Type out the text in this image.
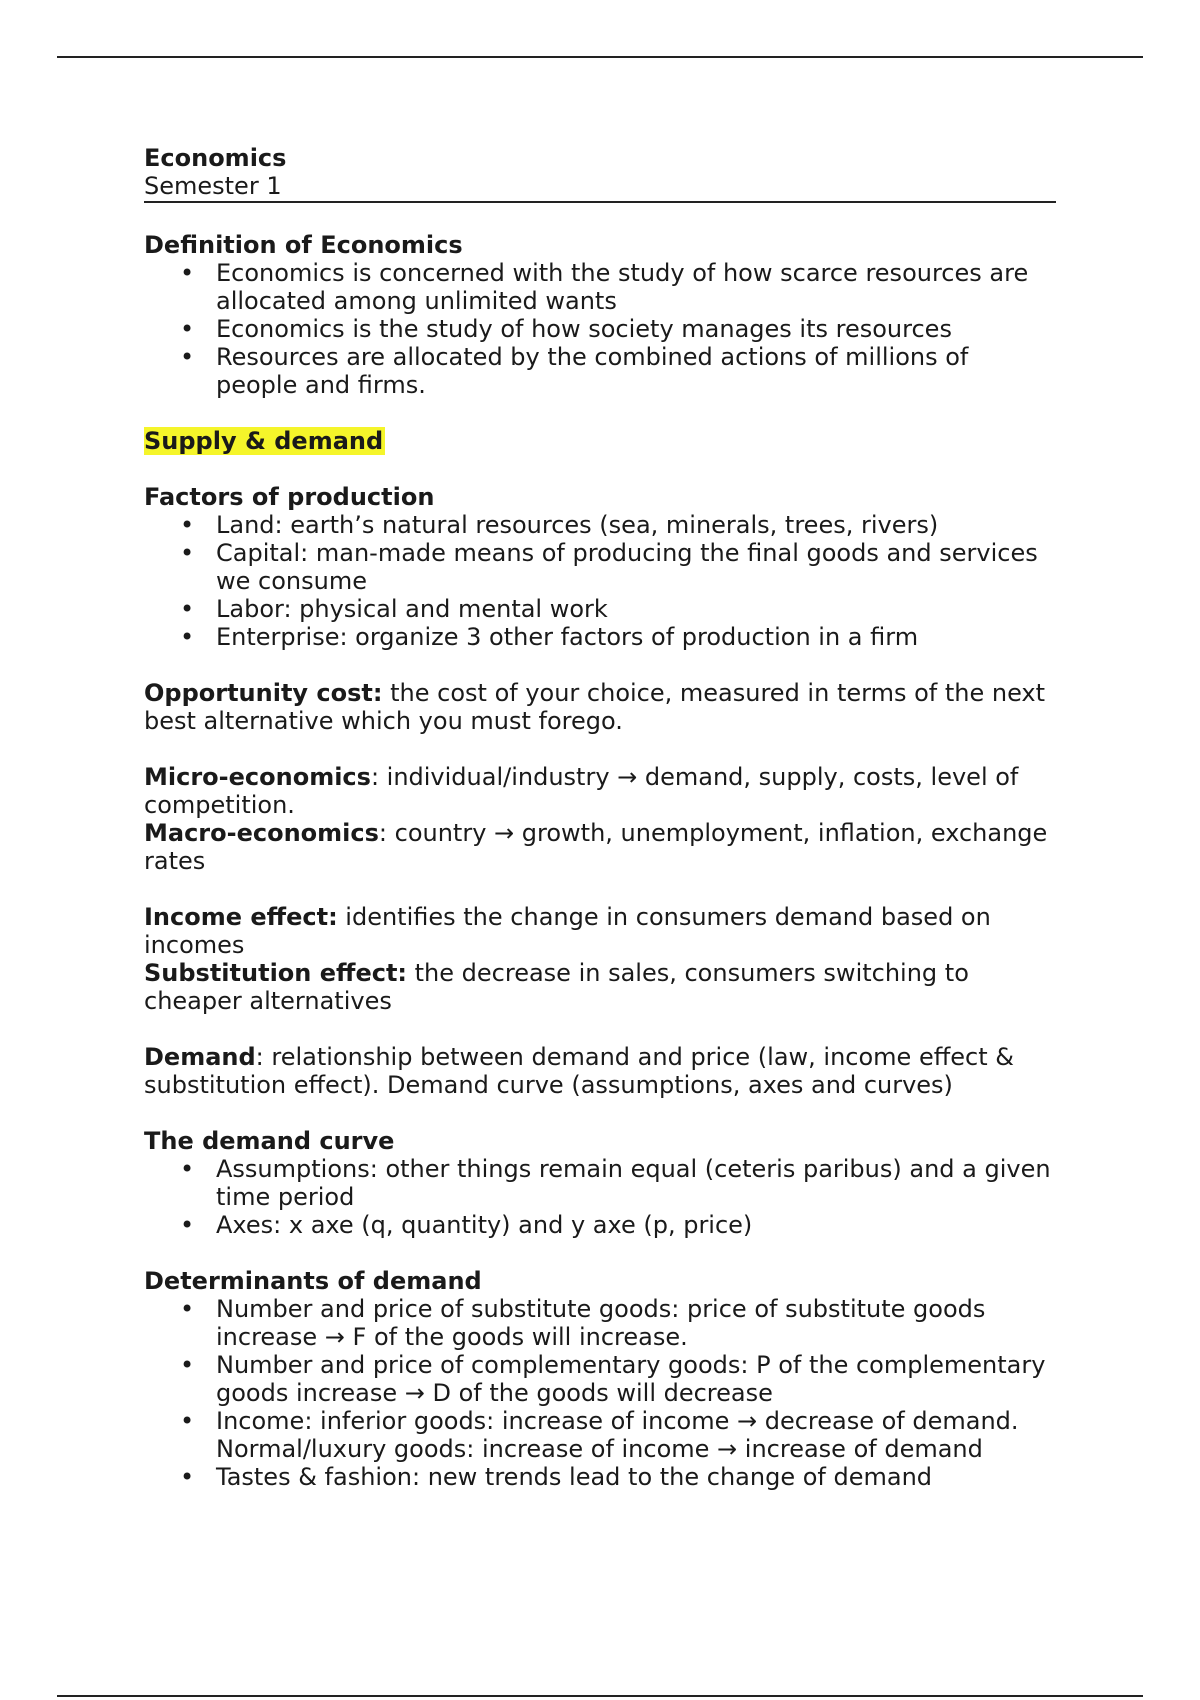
Economics
Semester 1
Definition of Economics
• Economics is concerned with the study of how scarce resources are allocated among unlimited wants
• Economics is the study of how society manages its resources
• Resources are allocated by the combined actions of millions of people and firms.
Supply & demand
Factors of production
• Land: earth’s natural resources (sea, minerals, trees, rivers)
• Capital: man-made means of producing the final goods and services we consume
• Labor: physical and mental work
• Enterprise: organize 3 other factors of production in a firm

Opportunity cost: the cost of your choice, measured in terms of the next best alternative which you must forego.

Micro-economics: individual/industry → demand, supply, costs, level of competition.

Macro-economics: country → growth, unemployment, inflation, exchange rates

Income effect: identifies the change in consumers demand based on incomes

Substitution effect: the decrease in sales, consumers switching to cheaper alternatives

Demand: relationship between demand and price (law, income effect & substitution effect). Demand curve (assumptions, axes and curves)

The demand curve
• Assumptions: other things remain equal (ceteris paribus) and a given time period
• Axes: x axe (q, quantity) and y axe (p, price)
Determinants of demand
• Number and price of substitute goods: price of substitute goods increase → F of the goods will increase.
• Number and price of complementary goods: P of the complementary goods increase → D of the goods will decrease
• Income: inferior goods: increase of income → decrease of demand. Normal/luxury goods: increase of income → increase of demand
• Tastes & fashion: new trends lead to the change of demand
